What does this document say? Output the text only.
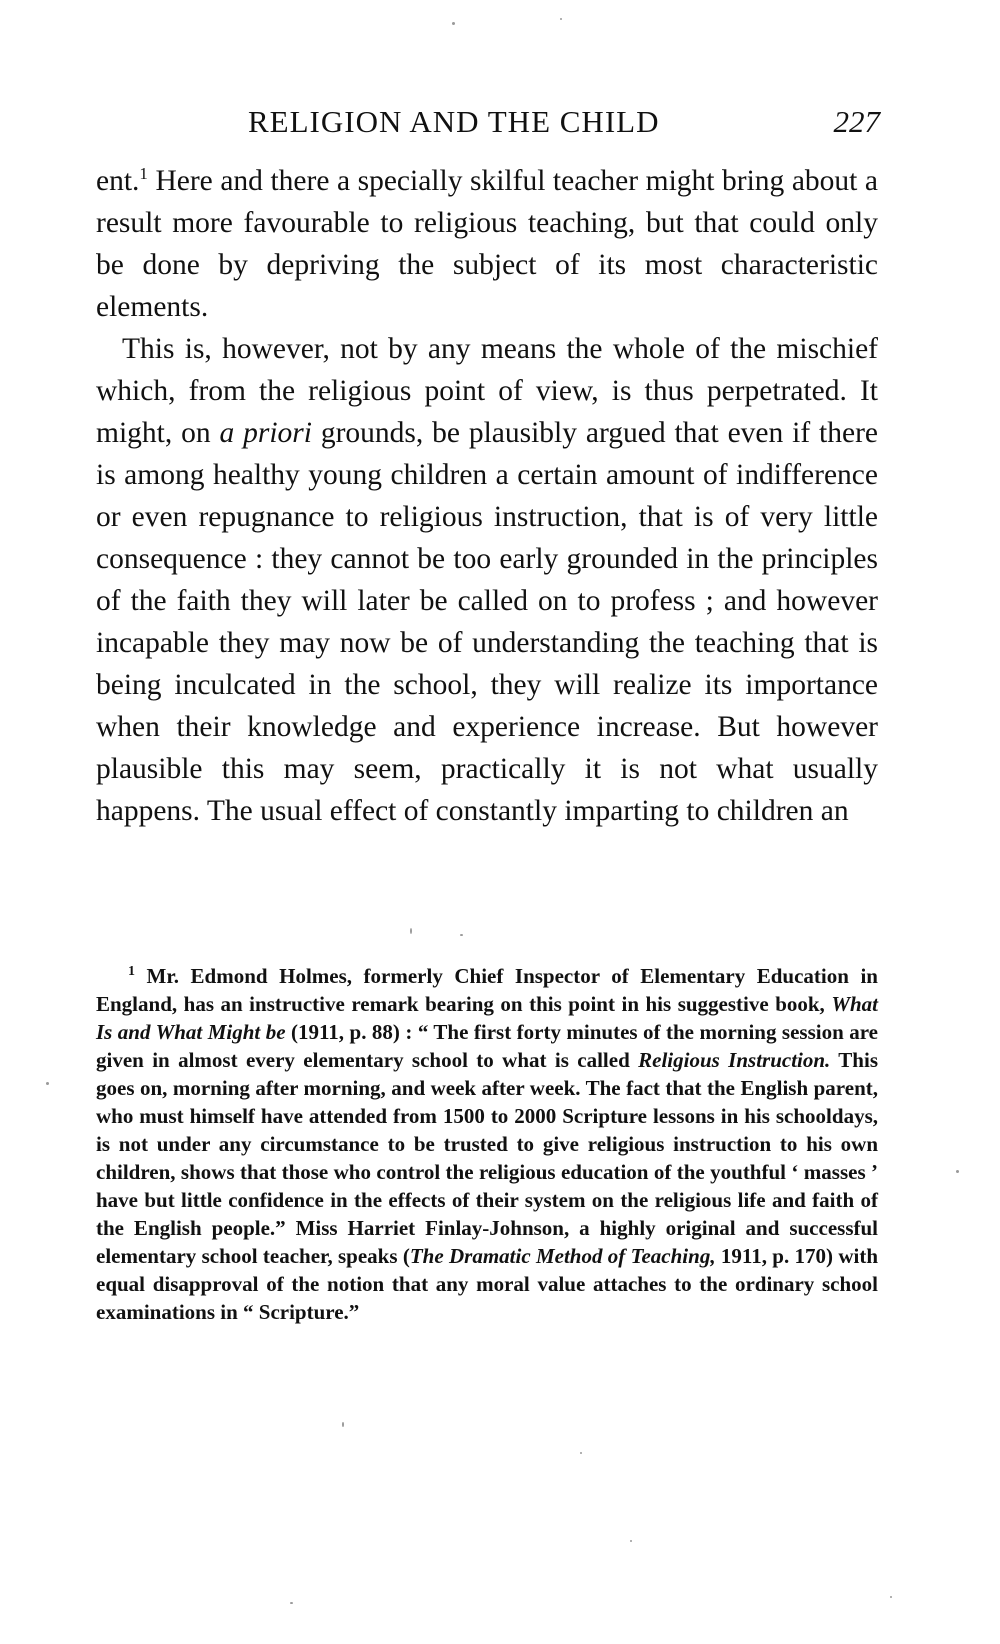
RELIGION AND THE CHILD	227

ent.$^1$ Here and there a specially skilful teacher might bring about a result more favourable to religious teaching, but that could only be done by depriving the subject of its most characteristic elements.

This is, however, not by any means the whole of the mischief which, from the religious point of view, is thus perpetrated. It might, on a priori grounds, be plausibly argued that even if there is among healthy young children a certain amount of indifference or even repugnance to religious instruction, that is of very little consequence : they cannot be too early grounded in the principles of the faith they will later be called on to profess ; and however incapable they may now be of understanding the teaching that is being inculcated in the school, they will realize its importance when their knowledge and experience increase. But however plausible this may seem, practically it is not what usually happens. The usual effect of constantly imparting to children an

$^1$ Mr. Edmond Holmes, formerly Chief Inspector of Elementary Education in England, has an instructive remark bearing on this point in his suggestive book, What Is and What Might be (1911, p. 88) : “ The first forty minutes of the morning session are given in almost every elementary school to what is called Religious Instruction. This goes on, morning after morning, and week after week. The fact that the English parent, who must himself have attended from 1500 to 2000 Scripture lessons in his schooldays, is not under any circumstance to be trusted to give religious instruction to his own children, shows that those who control the religious education of the youthful ‘ masses ’ have but little confidence in the effects of their system on the religious life and faith of the English people.” Miss Harriet Finlay-Johnson, a highly original and successful elementary school teacher, speaks (The Dramatic Method of Teaching, 1911, p. 170) with equal disapproval of the notion that any moral value attaches to the ordinary school examinations in “ Scripture.”
